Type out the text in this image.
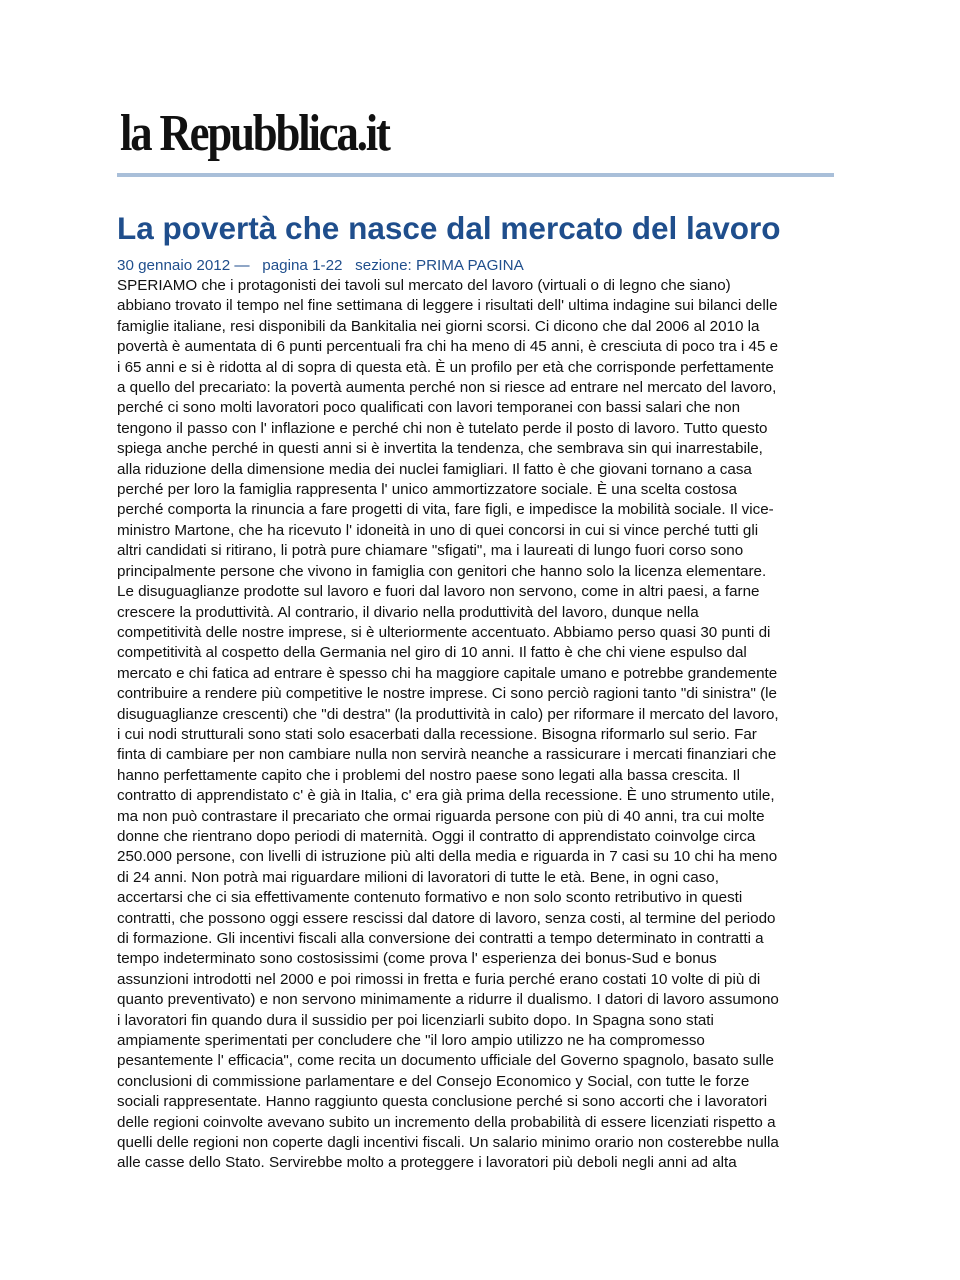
la Repubblica.it
La povertà che nasce dal mercato del lavoro
30 gennaio 2012 — pagina 1-22 sezione: PRIMA PAGINA
SPERIAMO che i protagonisti dei tavoli sul mercato del lavoro (virtuali o di legno che siano)
abbiano trovato il tempo nel fine settimana di leggere i risultati dell' ultima indagine sui bilanci delle
famiglie italiane, resi disponibili da Bankitalia nei giorni scorsi. Ci dicono che dal 2006 al 2010 la
povertà è aumentata di 6 punti percentuali fra chi ha meno di 45 anni, è cresciuta di poco tra i 45 e
i 65 anni e si è ridotta al di sopra di questa età. È un profilo per età che corrisponde perfettamente
a quello del precariato: la povertà aumenta perché non si riesce ad entrare nel mercato del lavoro,
perché ci sono molti lavoratori poco qualificati con lavori temporanei con bassi salari che non
tengono il passo con l' inflazione e perché chi non è tutelato perde il posto di lavoro. Tutto questo
spiega anche perché in questi anni si è invertita la tendenza, che sembrava sin qui inarrestabile,
alla riduzione della dimensione media dei nuclei famigliari. Il fatto è che giovani tornano a casa
perché per loro la famiglia rappresenta l' unico ammortizzatore sociale. È una scelta costosa
perché comporta la rinuncia a fare progetti di vita, fare figli, e impedisce la mobilità sociale. Il vice-
ministro Martone, che ha ricevuto l' idoneità in uno di quei concorsi in cui si vince perché tutti gli
altri candidati si ritirano, li potrà pure chiamare "sfigati", ma i laureati di lungo fuori corso sono
principalmente persone che vivono in famiglia con genitori che hanno solo la licenza elementare.
Le disuguaglianze prodotte sul lavoro e fuori dal lavoro non servono, come in altri paesi, a farne
crescere la produttività. Al contrario, il divario nella produttività del lavoro, dunque nella
competitività delle nostre imprese, si è ulteriormente accentuato. Abbiamo perso quasi 30 punti di
competitività al cospetto della Germania nel giro di 10 anni. Il fatto è che chi viene espulso dal
mercato e chi fatica ad entrare è spesso chi ha maggiore capitale umano e potrebbe grandemente
contribuire a rendere più competitive le nostre imprese. Ci sono perciò ragioni tanto "di sinistra" (le
disuguaglianze crescenti) che "di destra" (la produttività in calo) per riformare il mercato del lavoro,
i cui nodi strutturali sono stati solo esacerbati dalla recessione. Bisogna riformarlo sul serio. Far
finta di cambiare per non cambiare nulla non servirà neanche a rassicurare i mercati finanziari che
hanno perfettamente capito che i problemi del nostro paese sono legati alla bassa crescita. Il
contratto di apprendistato c' è già in Italia, c' era già prima della recessione. È uno strumento utile,
ma non può contrastare il precariato che ormai riguarda persone con più di 40 anni, tra cui molte
donne che rientrano dopo periodi di maternità. Oggi il contratto di apprendistato coinvolge circa
250.000 persone, con livelli di istruzione più alti della media e riguarda in 7 casi su 10 chi ha meno
di 24 anni. Non potrà mai riguardare milioni di lavoratori di tutte le età. Bene, in ogni caso,
accertarsi che ci sia effettivamente contenuto formativo e non solo sconto retributivo in questi
contratti, che possono oggi essere rescissi dal datore di lavoro, senza costi, al termine del periodo
di formazione. Gli incentivi fiscali alla conversione dei contratti a tempo determinato in contratti a
tempo indeterminato sono costosissimi (come prova l' esperienza dei bonus-Sud e bonus
assunzioni introdotti nel 2000 e poi rimossi in fretta e furia perché erano costati 10 volte di più di
quanto preventivato) e non servono minimamente a ridurre il dualismo. I datori di lavoro assumono
i lavoratori fin quando dura il sussidio per poi licenziarli subito dopo. In Spagna sono stati
ampiamente sperimentati per concludere che "il loro ampio utilizzo ne ha compromesso
pesantemente l' efficacia", come recita un documento ufficiale del Governo spagnolo, basato sulle
conclusioni di commissione parlamentare e del Consejo Economico y Social, con tutte le forze
sociali rappresentate. Hanno raggiunto questa conclusione perché si sono accorti che i lavoratori
delle regioni coinvolte avevano subito un incremento della probabilità di essere licenziati rispetto a
quelli delle regioni non coperte dagli incentivi fiscali. Un salario minimo orario non costerebbe nulla
alle casse dello Stato. Servirebbe molto a proteggere i lavoratori più deboli negli anni ad alta
